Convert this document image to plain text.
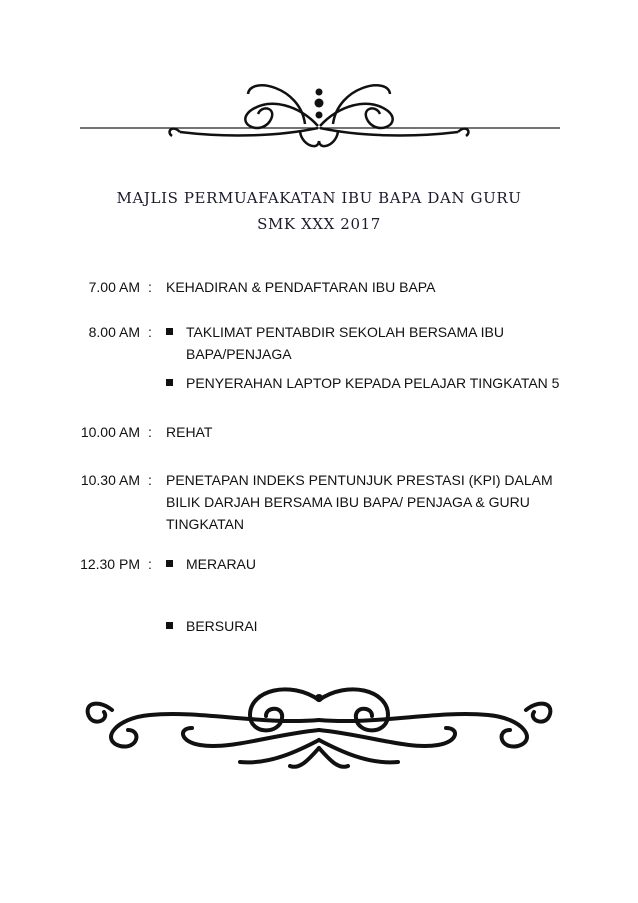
MAJLIS PERMUAFAKATAN IBU BAPA DAN GURU
SMK XXX 2017
7.00 AM : KEHADIRAN & PENDAFTARAN IBU BAPA
8.00 AM : TAKLIMAT PENTABDIR SEKOLAH BERSAMA IBU
BAPA/PENJAGA
PENYERAHAN LAPTOP KEPADA PELAJAR TINGKATAN 5
10.00 AM : REHAT
10.30 AM : PENETAPAN INDEKS PENTUNJUK PRESTASI (KPI) DALAM
BILIK DARJAH BERSAMA IBU BAPA/ PENJAGA & GURU
TINGKATAN
12.30 PM : MERARAU
BERSURAI
